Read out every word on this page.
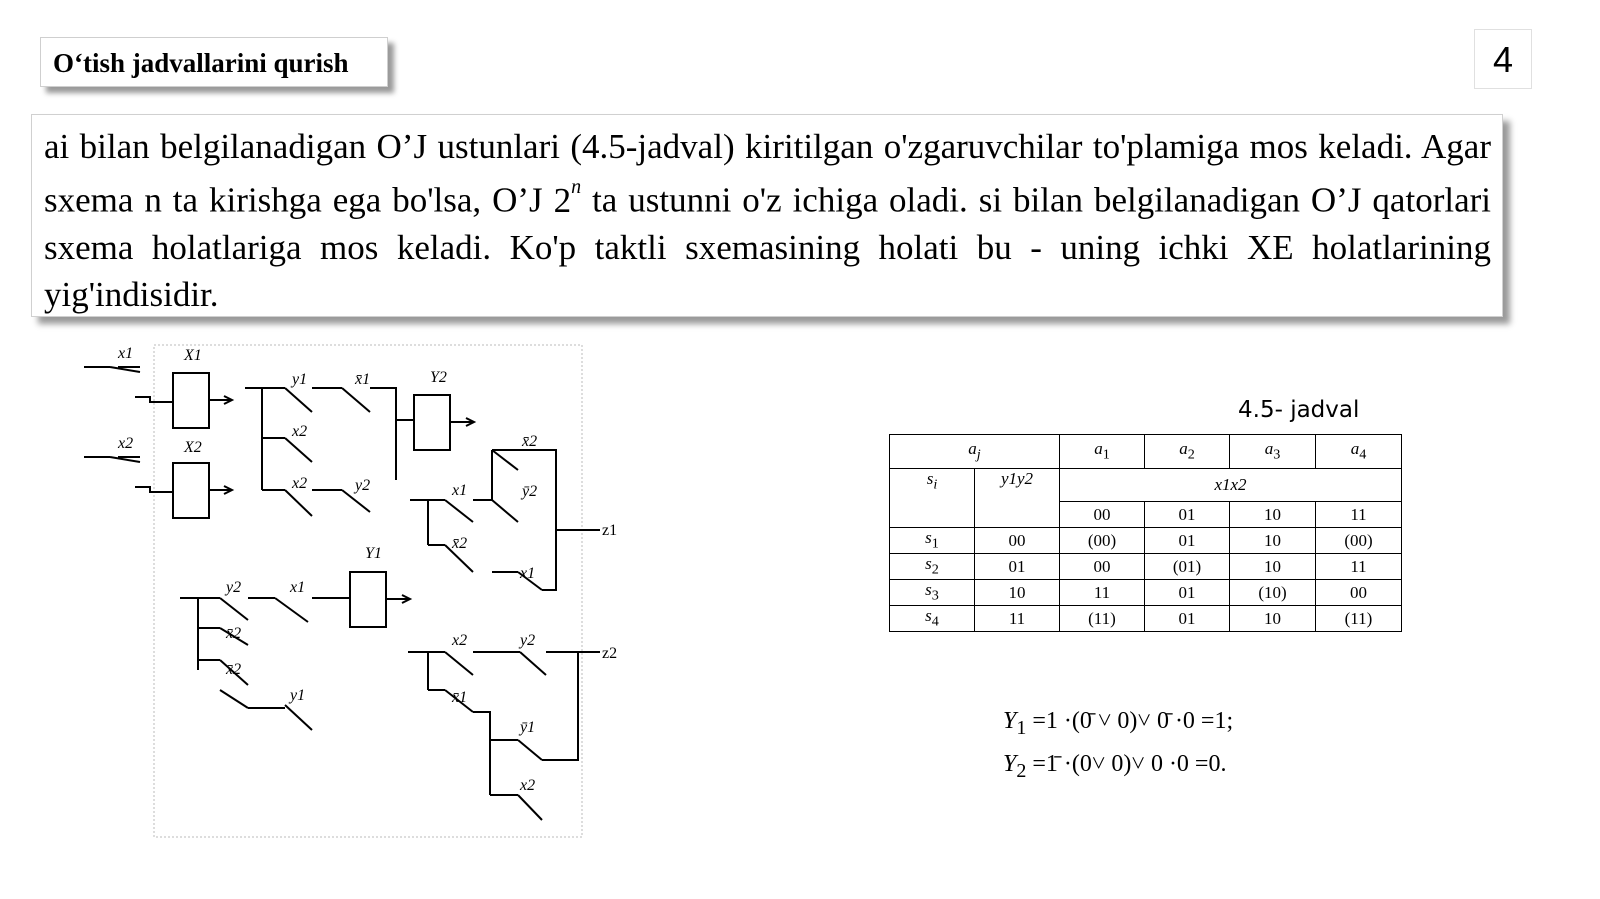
O‘tish jadvallarini qurish	4
ai bilan belgilanadigan O’J ustunlari (4.5-jadval) kiritilgan o'zgaruvchilar to'plamiga mos keladi. Agar sxema n ta kirishga ega bo'lsa, O’J 2$^n$ ta ustunni o'z ichiga oladi. si bilan belgilanadigan O’J qatorlari sxema holatlariga mos keladi. Ko'p taktli sxemasining holati bu - uning ichki XE holatlarining yig'indisidir.
x1
x2
X1
X2
y1	x̄1	Y2
x2
x2	y2
x̄2
x1	ȳ2
x̄2
x1
Y1
y2	x1
x̄2
x̄2
y1
x2	y2
x̄1
ȳ1
x2
z1
z2
4.5- jadval
$a_j$		$a_1$	$a_2$	$a_3$	$a_4$
$s_i$	y1y2	x1x2			
		00	01	10	11
$s_1$	00	(00)	01	10	(00)
$s_2$	01	00	(01)	10	11
$s_3$	10	11	01	(10)	00
$s_4$	11	(11)	01	10	(11)
$Y_1 =1$ ·(0̄ ˅ 0)˅ 0̄ ·0 =1;
$Y_2$ =1̄ ·(0˅ 0)˅ 0 ·0 =0.
